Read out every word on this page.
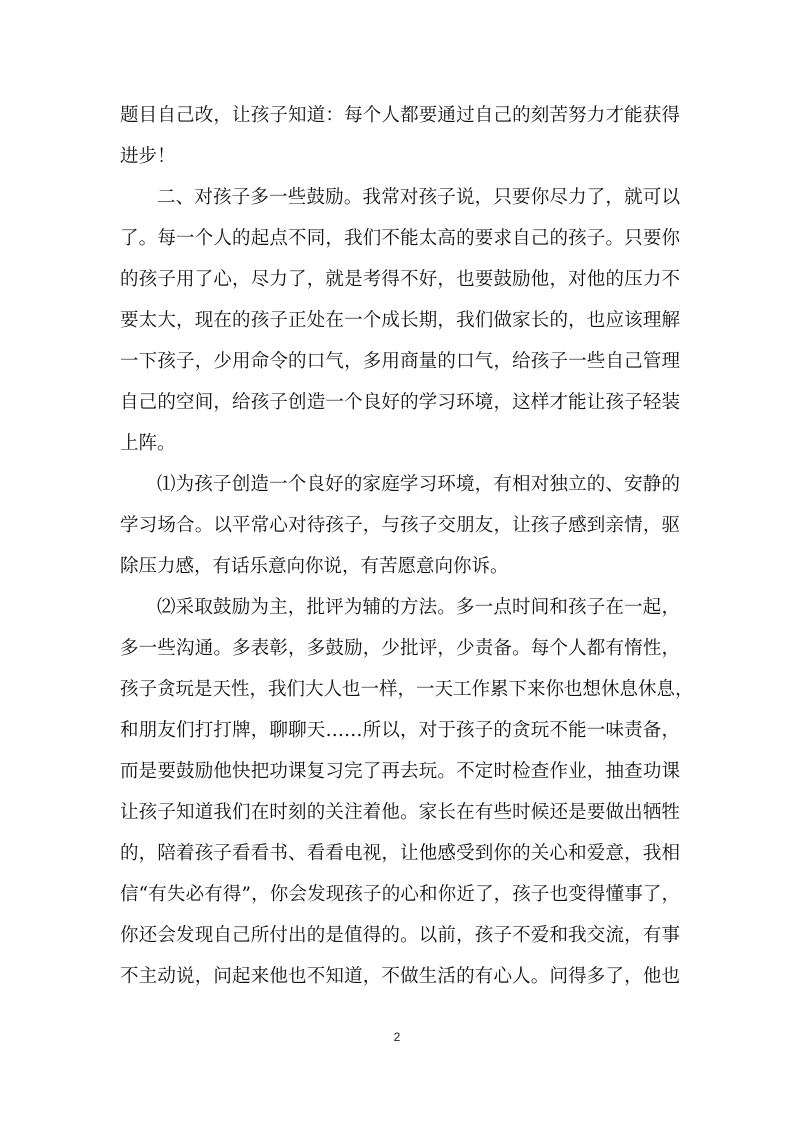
题目自己改，让孩子知道：每个人都要通过自己的刻苦努力才能获得
进步！
二、对孩子多一些鼓励。我常对孩子说，只要你尽力了，就可以
了。每一个人的起点不同，我们不能太高的要求自己的孩子。只要你
的孩子用了心，尽力了，就是考得不好，也要鼓励他，对他的压力不
要太大，现在的孩子正处在一个成长期，我们做家长的，也应该理解
一下孩子，少用命令的口气，多用商量的口气，给孩子一些自己管理
自己的空间，给孩子创造一个良好的学习环境，这样才能让孩子轻装
上阵。
⑴为孩子创造一个良好的家庭学习环境，有相对独立的、安静的
学习场合。以平常心对待孩子，与孩子交朋友，让孩子感到亲情，驱
除压力感，有话乐意向你说，有苦愿意向你诉。
⑵采取鼓励为主，批评为辅的方法。多一点时间和孩子在一起，
多一些沟通。多表彰，多鼓励，少批评，少责备。每个人都有惰性，
孩子贪玩是天性，我们大人也一样，一天工作累下来你也想休息休息，
和朋友们打打牌，聊聊天……所以，对于孩子的贪玩不能一味责备，
而是要鼓励他快把功课复习完了再去玩。不定时检查作业，抽查功课
让孩子知道我们在时刻的关注着他。家长在有些时候还是要做出牺牲
的，陪着孩子看看书、看看电视，让他感受到你的关心和爱意，我相
信“有失必有得”，你会发现孩子的心和你近了，孩子也变得懂事了，
你还会发现自己所付出的是值得的。以前，孩子不爱和我交流，有事
不主动说，问起来他也不知道，不做生活的有心人。问得多了，他也
2
